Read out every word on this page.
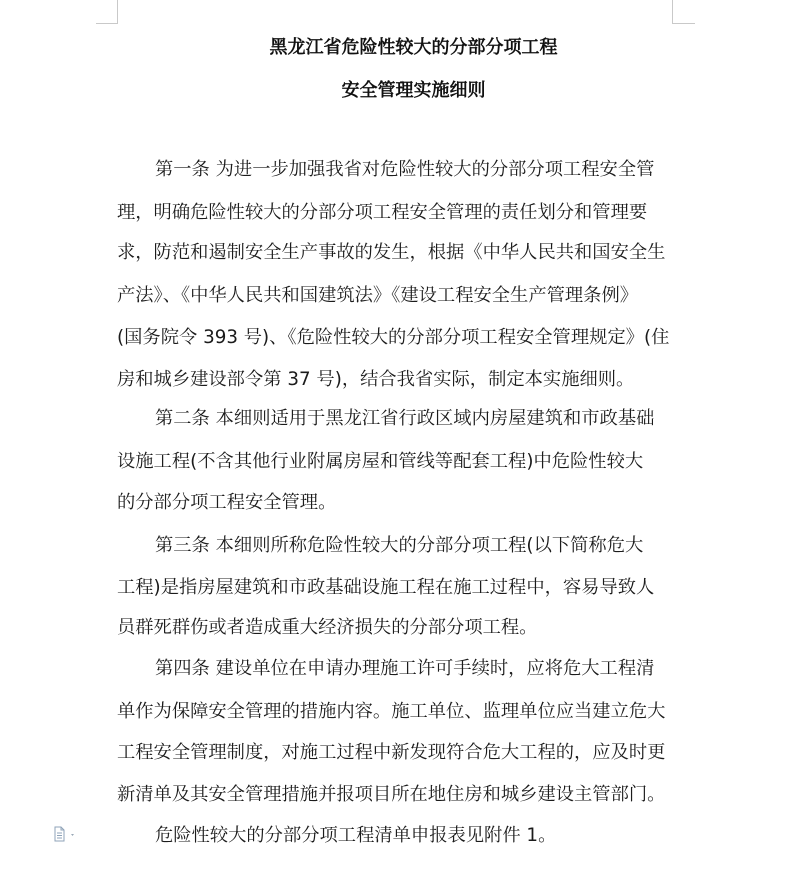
黑龙江省危险性较大的分部分项工程
安全管理实施细则
第一条 为进一步加强我省对危险性较大的分部分项工程安全管
理，明确危险性较大的分部分项工程安全管理的责任划分和管理要
求，防范和遏制安全生产事故的发生，根据《中华人民共和国安全生
产法》、《中华人民共和国建筑法》《建设工程安全生产管理条例》
(国务院令 393 号)、《危险性较大的分部分项工程安全管理规定》(住
房和城乡建设部令第 37 号)，结合我省实际，制定本实施细则。
第二条 本细则适用于黑龙江省行政区域内房屋建筑和市政基础
设施工程(不含其他行业附属房屋和管线等配套工程)中危险性较大
的分部分项工程安全管理。
第三条 本细则所称危险性较大的分部分项工程(以下简称危大
工程)是指房屋建筑和市政基础设施工程在施工过程中，容易导致人
员群死群伤或者造成重大经济损失的分部分项工程。
第四条 建设单位在申请办理施工许可手续时，应将危大工程清
单作为保障安全管理的措施内容。施工单位、监理单位应当建立危大
工程安全管理制度，对施工过程中新发现符合危大工程的，应及时更
新清单及其安全管理措施并报项目所在地住房和城乡建设主管部门。
危险性较大的分部分项工程清单申报表见附件 1。
